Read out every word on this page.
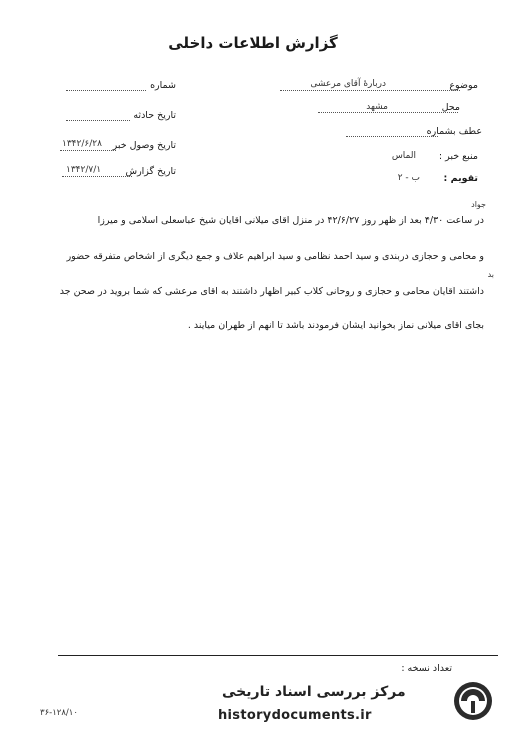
گزارش اطلاعات داخلی
موضوع
دربارهٔ آقای مرعشی
محل
مشهد
عطف بشماره
منبع خبر :
الماس
تقویم :
ب - ۲
شماره
تاریخ حادثه
تاریخ وصول خبر
۱۳۴۲/۶/۲۸
تاریخ گزارش
۱۳۴۲/۷/۱
جواد
بد
در ساعت ۴/۳۰ بعد از ظهر روز ۴۲/۶/۲۷ در منزل آقای میلانی آقایان شیخ عباسعلی اسلامی و میرزا
و محامی و حجازی دربندی و سید احمد نظامی و سید ابراهیم علاف و جمع دیگری از اشخاص متفرقه حضور
داشتند آقایان محامی و حجازی و روحانی کلاب کبیر اظهار داشتند به آقای مرعشی که شما بروید در صحن جد
بجای آقای میلانی نماز بخوانید ایشان فرمودند باشد تا آنهم از طهران میآیند .
تعداد نسخه :
۳۶-۱۲۸/۱۰
مرکز بررسی اسناد تاریخی
historydocuments.ir
